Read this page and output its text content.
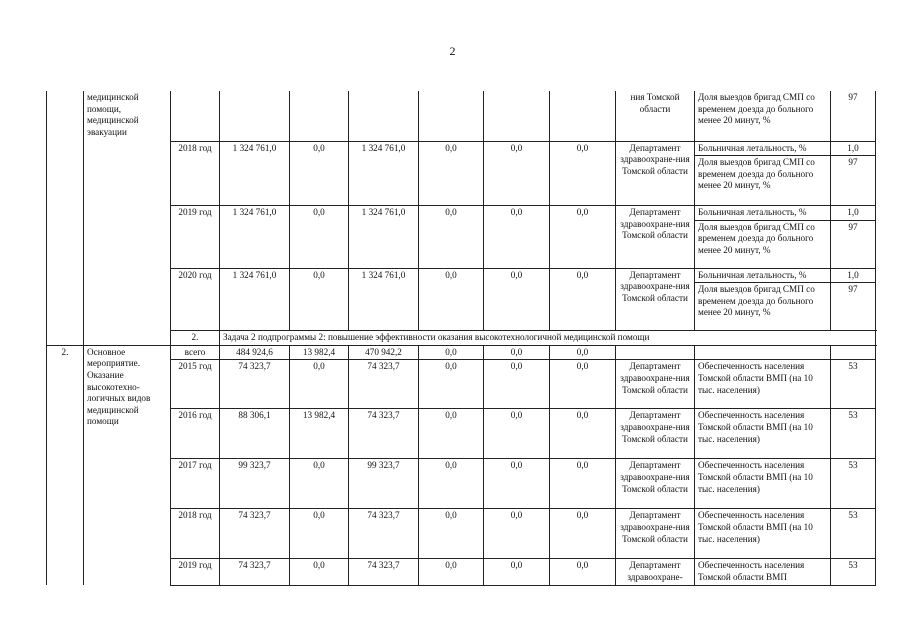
2
	медицинской помощи, медицинской эвакуации								ния Томской области	Доля выездов бригад СМП со временем доезда до больного менее 20 минут, %	97
		2018 год	1 324 761,0	0,0	1 324 761,0	0,0	0,0	0,0	Департамент здравоохране-ния Томской области	Больничная летальность, %	1,0
										Доля выездов бригад СМП со временем доезда до больного менее 20 минут, %	97
		2019 год	1 324 761,0	0,0	1 324 761,0	0,0	0,0	0,0	Департамент здравоохране-ния Томской области	Больничная летальность, %	1,0
										Доля выездов бригад СМП со временем доезда до больного менее 20 минут, %	97
		2020 год	1 324 761,0	0,0	1 324 761,0	0,0	0,0	0,0	Департамент здравоохране-ния Томской области	Больничная летальность, %	1,0
										Доля выездов бригад СМП со временем доезда до больного менее 20 минут, %	97
		2.	Задача 2 подпрограммы 2: повышение эффективности оказания высокотехнологичной медицинской помощи								
2.	Основное мероприятие. Оказание высокотехно-логичных видов медицинской помощи	всего	484 924,6	13 982,4	470 942,2	0,0	0,0	0,0			
		2015 год	74 323,7	0,0	74 323,7	0,0	0,0	0,0	Департамент здравоохране-ния Томской области	Обеспеченность населения Томской области ВМП (на 10 тыс. населения)	53
		2016 год	88 306,1	13 982,4	74 323,7	0,0	0,0	0,0	Департамент здравоохране-ния Томской области	Обеспеченность населения Томской области ВМП (на 10 тыс. населения)	53
		2017 год	99 323,7	0,0	99 323,7	0,0	0,0	0,0	Департамент здравоохране-ния Томской области	Обеспеченность населения Томской области ВМП (на 10 тыс. населения)	53
		2018 год	74 323,7	0,0	74 323,7	0,0	0,0	0,0	Департамент здравоохране-ния Томской области	Обеспеченность населения Томской области ВМП (на 10 тыс. населения)	53
		2019 год	74 323,7	0,0	74 323,7	0,0	0,0	0,0	Департамент здравоохране-	Обеспеченность населения Томской области ВМП	53
